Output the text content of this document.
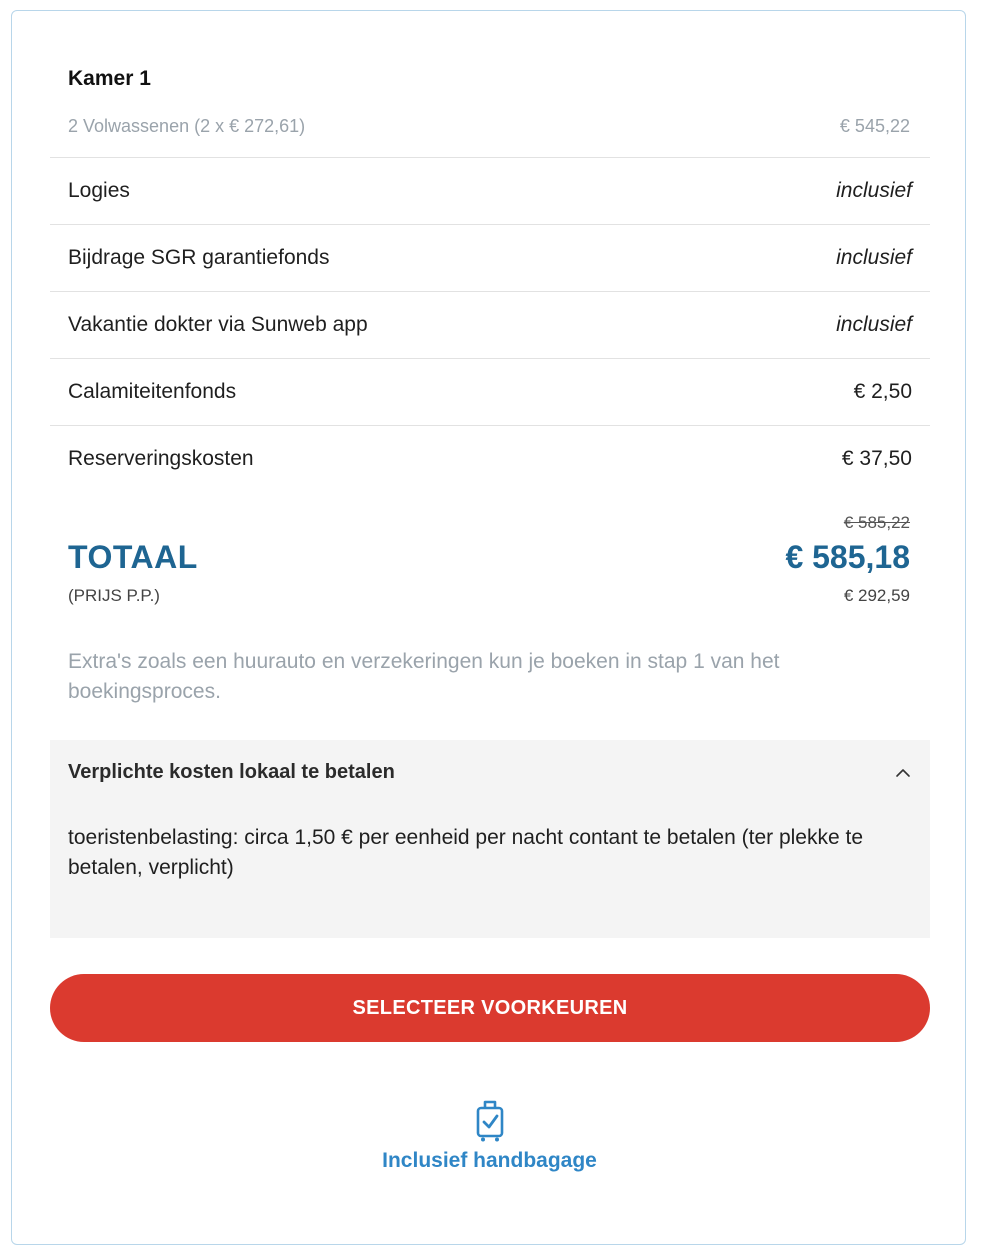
Kamer 1
2 Volwassenen (2 x € 272,61)	€ 545,22
Logies	inclusief
Bijdrage SGR garantiefonds	inclusief
Vakantie dokter via Sunweb app	inclusief
Calamiteitenfonds	€ 2,50
Reserveringskosten	€ 37,50
€ 585,22
TOTAAL	€ 585,18
(PRIJS P.P.)	€ 292,59
Extra's zoals een huurauto en verzekeringen kun je boeken in stap 1 van het boekingsproces.
Verplichte kosten lokaal te betalen
toeristenbelasting: circa 1,50 € per eenheid per nacht contant te betalen (ter plekke te betalen, verplicht)
SELECTEER VOORKEUREN
Inclusief handbagage
